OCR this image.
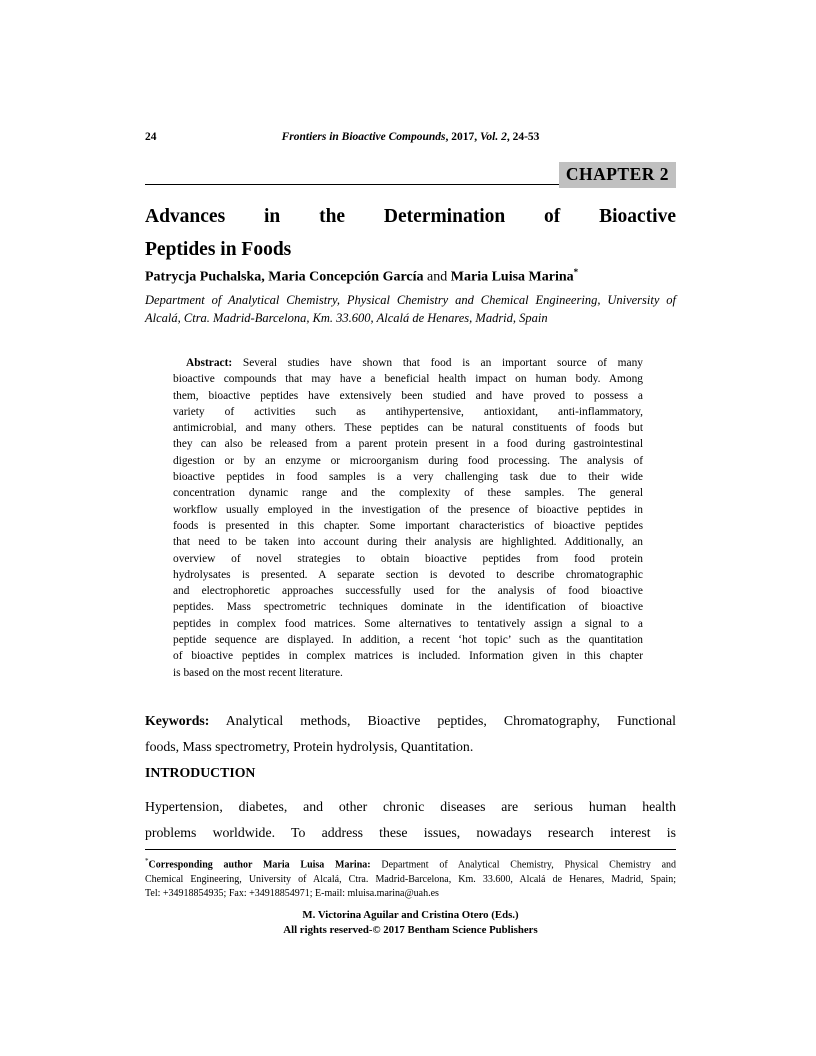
24	Frontiers in Bioactive Compounds, 2017, Vol. 2, 24-53
CHAPTER 2
Advances in the Determination of Bioactive
Peptides in Foods
Patrycja Puchalska, Maria Concepción García and Maria Luisa Marina*
Department of Analytical Chemistry, Physical Chemistry and Chemical Engineering, University of
Alcalá, Ctra. Madrid-Barcelona, Km. 33.600, Alcalá de Henares, Madrid, Spain
Abstract: Several studies have shown that food is an important source of many
bioactive compounds that may have a beneficial health impact on human body. Among
them, bioactive peptides have extensively been studied and have proved to possess a
variety of activities such as antihypertensive, antioxidant, anti-inflammatory,
antimicrobial, and many others. These peptides can be natural constituents of foods but
they can also be released from a parent protein present in a food during gastrointestinal
digestion or by an enzyme or microorganism during food processing. The analysis of
bioactive peptides in food samples is a very challenging task due to their wide
concentration dynamic range and the complexity of these samples. The general
workflow usually employed in the investigation of the presence of bioactive peptides in
foods is presented in this chapter. Some important characteristics of bioactive peptides
that need to be taken into account during their analysis are highlighted. Additionally, an
overview of novel strategies to obtain bioactive peptides from food protein
hydrolysates is presented. A separate section is devoted to describe chromatographic
and electrophoretic approaches successfully used for the analysis of food bioactive
peptides. Mass spectrometric techniques dominate in the identification of bioactive
peptides in complex food matrices. Some alternatives to tentatively assign a signal to a
peptide sequence are displayed. In addition, a recent ‘hot topic’ such as the quantitation
of bioactive peptides in complex matrices is included. Information given in this chapter
is based on the most recent literature.
Keywords: Analytical methods, Bioactive peptides, Chromatography, Functional
foods, Mass spectrometry, Protein hydrolysis, Quantitation.
INTRODUCTION
Hypertension, diabetes, and other chronic diseases are serious human health
problems worldwide. To address these issues, nowadays research interest is
*Corresponding author Maria Luisa Marina: Department of Analytical Chemistry, Physical Chemistry and
Chemical Engineering, University of Alcalá, Ctra. Madrid-Barcelona, Km. 33.600, Alcalá de Henares, Madrid, Spain;
Tel: +34918854935; Fax: +34918854971; E-mail: mluisa.marina@uah.es
M. Victorina Aguilar and Cristina Otero (Eds.)
All rights reserved-© 2017 Bentham Science Publishers
